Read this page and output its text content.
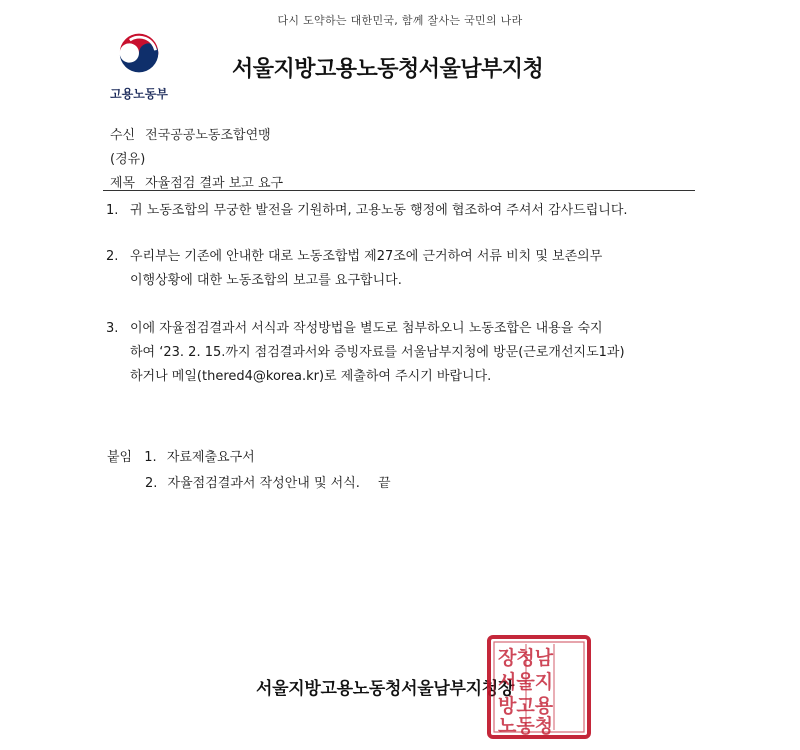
다시 도약하는 대한민국, 함께 잘사는 국민의 나라
고용노동부
서울지방고용노동청서울남부지청
수신 전국공공노동조합연맹
(경유)
제목 자율점검 결과 보고 요구
1. 귀 노동조합의 무궁한 발전을 기원하며, 고용노동 행정에 협조하여 주셔서 감사드립니다.
2. 우리부는 기존에 안내한 대로 노동조합법 제27조에 근거하여 서류 비치 및 보존의무
이행상황에 대한 노동조합의 보고를 요구합니다.
3. 이에 자율점검결과서 서식과 작성방법을 별도로 첨부하오니 노동조합은 내용을 숙지
하여 ‘23. 2. 15.까지 점검결과서와 증빙자료를 서울남부지청에 방문(근로개선지도1과)
하거나 메일(thered4@korea.kr)로 제출하여 주시기 바랍니다.
붙임 1. 자료제출요구서
2. 자율점검결과서 작성안내 및 서식. 끝
서울지방고용노동청서울남부지청장
장청남
서울지
방고용
노동청
